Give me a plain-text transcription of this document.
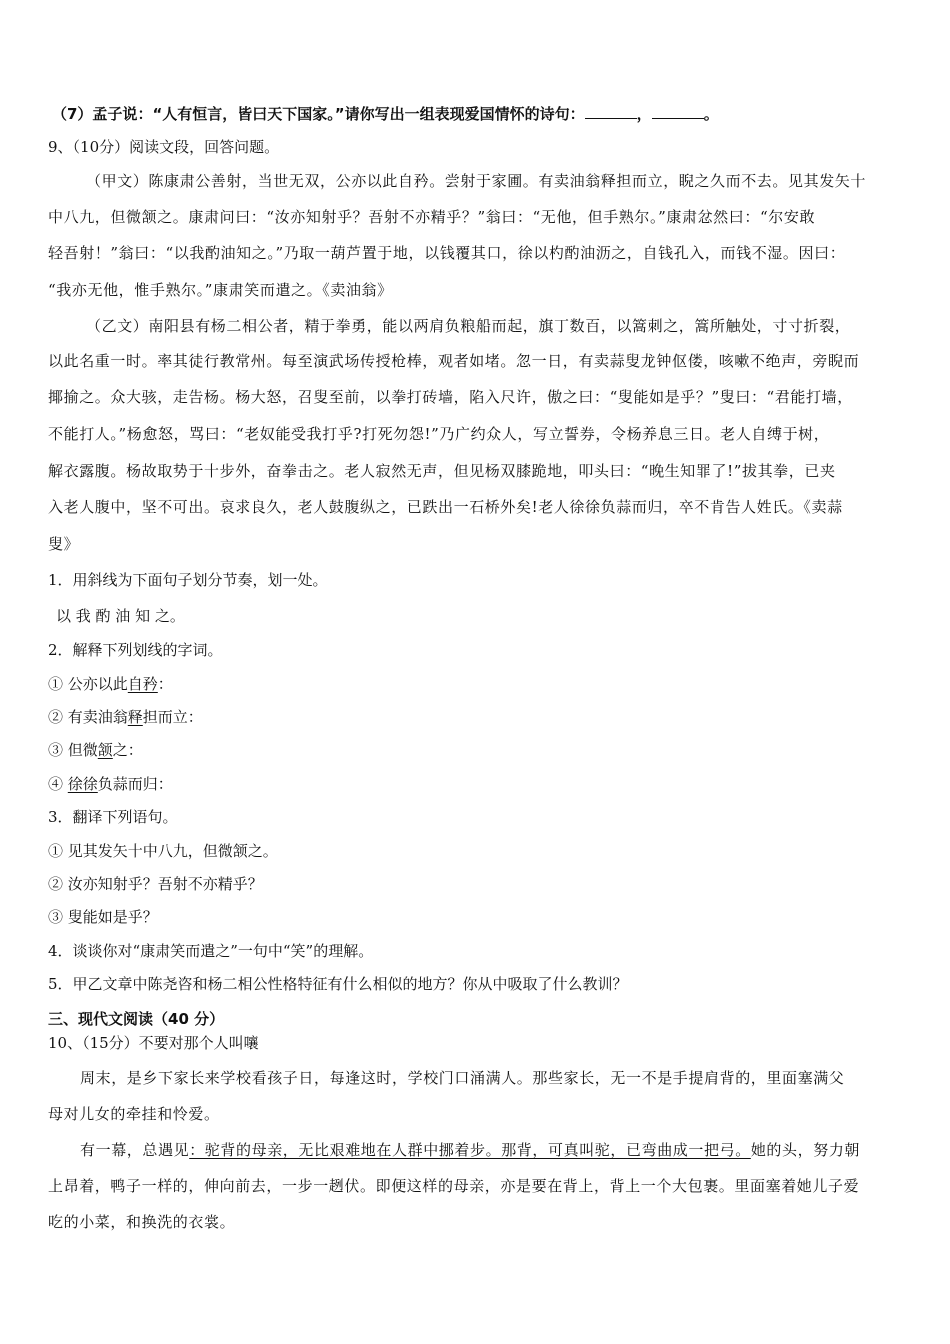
（7）孟子说：“人有恒言，皆曰天下国家。”请你写出一组表现爱国情怀的诗句：	，	。
9、（10分）阅读文段，回答问题。
（甲文）陈康肃公善射，当世无双，公亦以此自矜。尝射于家圃。有卖油翁释担而立，睨之久而不去。见其发矢十
中八九，但微颔之。康肃问曰：“汝亦知射乎？吾射不亦精乎？”翁曰：“无他，但手熟尔。”康肃忿然曰：“尔安敢
轻吾射！”翁曰：“以我酌油知之。”乃取一葫芦置于地，以钱覆其口，徐以杓酌油沥之，自钱孔入，而钱不湿。因曰：
“我亦无他，惟手熟尔。”康肃笑而遣之。《卖油翁》
（乙文）南阳县有杨二相公者，精于拳勇，能以两肩负粮船而起，旗丁数百，以篙刺之，篙所触处，寸寸折裂，
以此名重一时。率其徒行教常州。每至演武场传授枪棒，观者如堵。忽一日，有卖蒜叟龙钟伛偻，咳嗽不绝声，旁睨而
揶揄之。众大骇，走告杨。杨大怒，召叟至前，以拳打砖墙，陷入尺许，傲之曰：“叟能如是乎？”叟曰：“君能打墙，
不能打人。”杨愈怒，骂曰：“老奴能受我打乎?打死勿怨!”乃广约众人，写立誓券，令杨养息三日。老人自缚于树，
解衣露腹。杨故取势于十步外，奋拳击之。老人寂然无声，但见杨双膝跪地，叩头曰：“晚生知罪了!”拔其拳，已夹
入老人腹中，坚不可出。哀求良久，老人鼓腹纵之，已跌出一石桥外矣!老人徐徐负蒜而归，卒不肯告人姓氏。《卖蒜
叟》
1．用斜线为下面句子划分节奏，划一处。
以 我 酌 油 知 之。
2．解释下列划线的字词。
① 公亦以此自矜：
② 有卖油翁释担而立：
③ 但微颔之：
④ 徐徐负蒜而归：
3．翻译下列语句。
① 见其发矢十中八九，但微颔之。
② 汝亦知射乎？吾射不亦精乎？
③ 叟能如是乎？
4．谈谈你对“康肃笑而遣之”一句中“笑”的理解。
5．甲乙文章中陈尧咨和杨二相公性格特征有什么相似的地方？你从中吸取了什么教训？
三、现代文阅读（40 分）
10、（15分）不要对那个人叫嚷
周末，是乡下家长来学校看孩子日，每逢这时，学校门口涌满人。那些家长，无一不是手提肩背的，里面塞满父
母对儿女的牵挂和怜爱。
有一幕，总遇见：驼背的母亲，无比艰难地在人群中挪着步。那背，可真叫驼，已弯曲成一把弓。她的头，努力朝
上昂着，鸭子一样的，伸向前去，一步一趔伏。即便这样的母亲，亦是要在背上，背上一个大包裹。里面塞着她儿子爱
吃的小菜，和换洗的衣裳。
